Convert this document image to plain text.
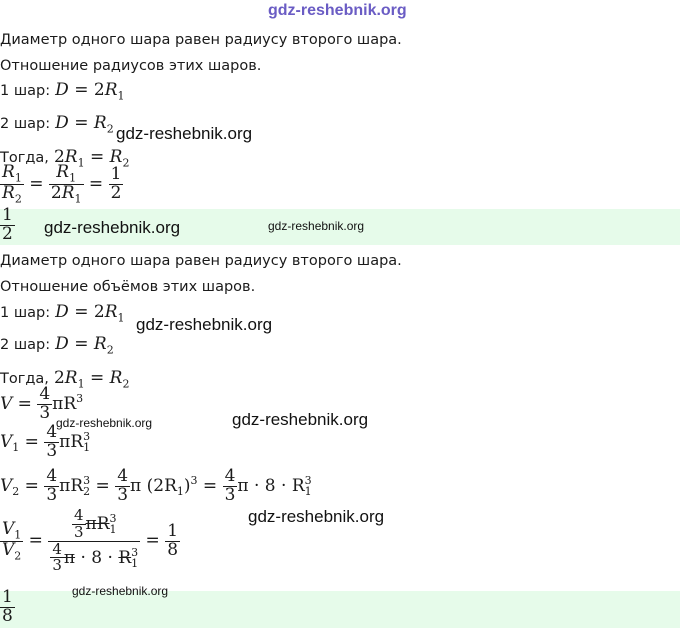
gdz-reshebnik.org
Диаметр одного шара равен радиусу второго шара.
Отношение радиусов этих шаров.
1 шар: $D = 2R_1$
2 шар: $D = R_2$ gdz-reshebnik.org
Тогда, $2R_1 = R_2$
$\frac{R_1}{R_2} = \frac{R_1}{2R_1} = \frac{1}{2}$
$\frac{1}{2}$ gdz-reshebnik.org	gdz-reshebnik.org
Диаметр одного шара равен радиусу второго шара.
Отношение объёмов этих шаров.
1 шар: $D = 2R_1$ gdz-reshebnik.org
2 шар: $D = R_2$
Тогда, $2R_1 = R_2$
$V = \frac{4}{3} \pi R^3$
gdz-reshebnik.org	gdz-reshebnik.org
$V_1 = \frac{4}{3} \pi R^3_1$
$V_2 = \frac{4}{3} \pi R^3_2 = \frac{4}{3}$ π $(2R_1)^3 = \frac{4}{3}$ $\pi \cdot 8 \cdot R^3_1$
gdz-reshebnik.org
$\frac{V_1}{V_2} = \frac{\frac{4}{3} \pi R^3_1}{\frac{4}{3} \pi \cdot 8 \cdot R^3_1} = \frac{1}{8}$
$\frac{1}{8}$	gdz-reshebnik.org
